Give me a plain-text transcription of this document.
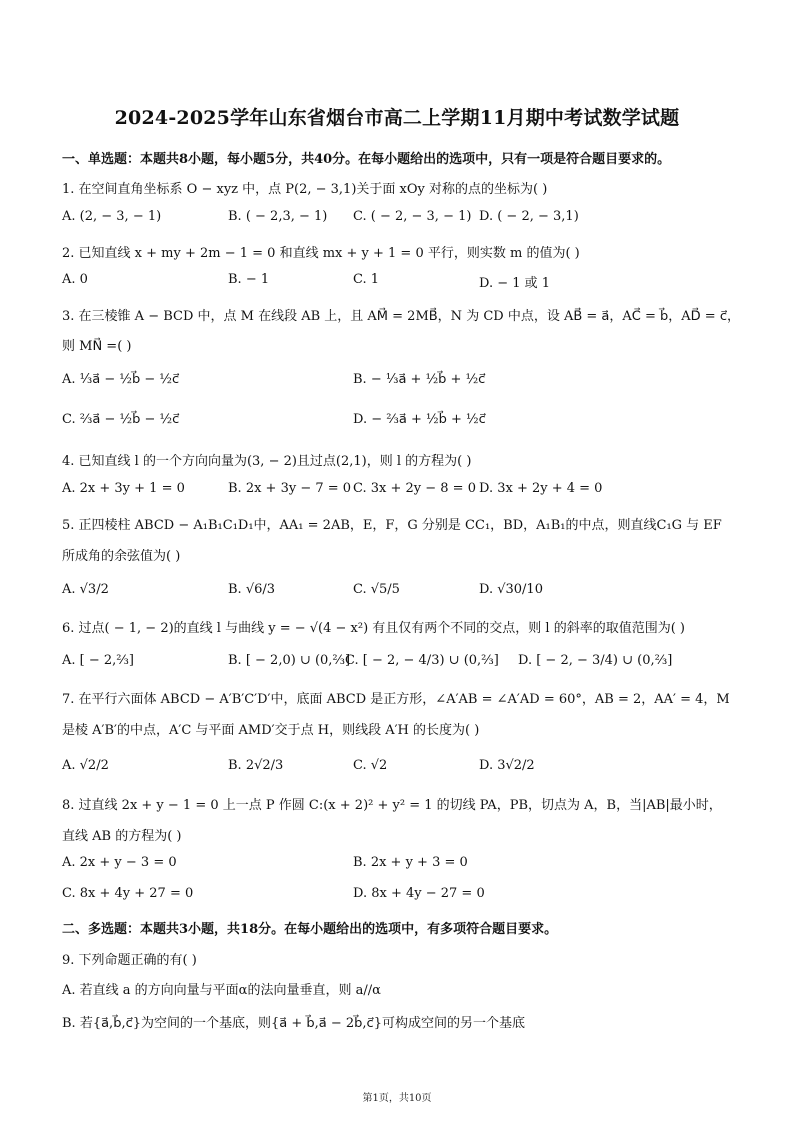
2024-2025学年山东省烟台市高二上学期11月期中考试数学试题
一、单选题：本题共8小题，每小题5分，共40分。在每小题给出的选项中，只有一项是符合题目要求的。
1. 在空间直角坐标系 O − xyz 中，点 P(2, − 3,1)关于面 xOy 对称的点的坐标为( )
A. (2, − 3, − 1)	B. ( − 2,3, − 1) C. ( − 2, − 3, − 1) D. ( − 2, − 3,1)
2. 已知直线 x + my + 2m − 1 = 0 和直线 mx + y + 1 = 0 平行，则实数 m 的值为( )
A. 0	B. − 1	C. 1	D. − 1 或 1
3. 在三棱锥 A − BCD 中，点 M 在线段 AB 上，且 AM⃗ = 2MB⃗，N 为 CD 中点，设 AB⃗ = a⃗，AC⃗ = b⃗，AD⃗ = c⃗，
则 MN⃗ =( )
A. ⅓a⃗ − ½b⃗ − ½c⃗	B. − ⅓a⃗ + ½b⃗ + ½c⃗
C. ⅔a⃗ − ½b⃗ − ½c⃗	D. − ⅔a⃗ + ½b⃗ + ½c⃗
4. 已知直线 l 的一个方向向量为(3, − 2)且过点(2,1)，则 l 的方程为( )
A. 2x + 3y + 1 = 0	B. 2x + 3y − 7 = 0 C. 3x + 2y − 8 = 0 D. 3x + 2y + 4 = 0
5. 正四棱柱 ABCD − A₁B₁C₁D₁中，AA₁ = 2AB，E，F，G 分别是 CC₁，BD，A₁B₁的中点，则直线C₁G 与 EF
所成角的余弦值为( )
A. √3/2	B. √6/3	C. √5/5	D. √30/10
6. 过点( − 1, − 2)的直线 l 与曲线 y = − √(4 − x²) 有且仅有两个不同的交点，则 l 的斜率的取值范围为( )
A. [ − 2,⅔]	B. [ − 2,0) ∪ (0,⅔]
C. [ − 2, − 4/3) ∪ (0,⅔] D. [ − 2, − 3/4) ∪ (0,⅔]
7. 在平行六面体 ABCD − A′B′C′D′中，底面 ABCD 是正方形，∠A′AB = ∠A′AD = 60°，AB = 2，AA′ = 4，M
是棱 A′B′的中点，A′C 与平面 AMD′交于点 H，则线段 A′H 的长度为( )
A. √2/2	B. 2√2/3	C. √2	D. 3√2/2
8. 过直线 2x + y − 1 = 0 上一点 P 作圆 C:(x + 2)² + y² = 1 的切线 PA，PB，切点为 A，B，当|AB|最小时，
直线 AB 的方程为( )
A. 2x + y − 3 = 0	B. 2x + y + 3 = 0
C. 8x + 4y + 27 = 0	D. 8x + 4y − 27 = 0
二、多选题：本题共3小题，共18分。在每小题给出的选项中，有多项符合题目要求。
9. 下列命题正确的有( )
A. 若直线 a 的方向向量与平面α的法向量垂直，则 a//α
B. 若{a⃗,b⃗,c⃗}为空间的一个基底，则{a⃗ + b⃗,a⃗ − 2b⃗,c⃗}可构成空间的另一个基底
第1页，共10页
